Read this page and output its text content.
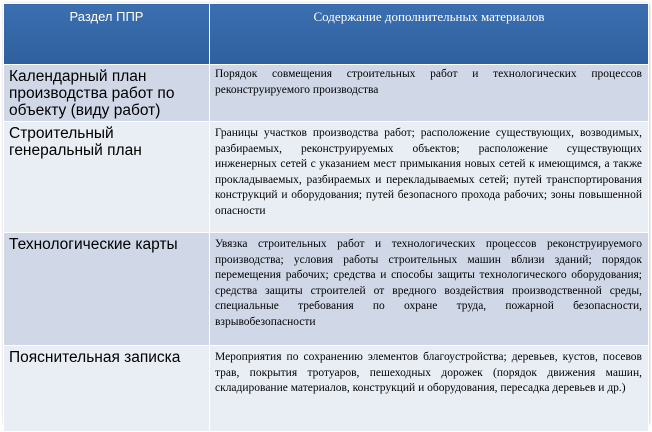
Раздел ППР	Содержание дополнительных материалов

Календарный план производства работ по объекту (виду работ)	Порядок совмещения строительных работ и технологических процессов реконструируемого производства

Строительный генеральный план	Границы участков производства работ; расположение существующих, возводимых, разбираемых, реконструируемых объектов; расположение существующих инженерных сетей с указанием мест примыкания новых сетей к имеющимся, а также прокладываемых, разбираемых и перекладываемых сетей; путей транспортирования конструкций и оборудования; путей безопасного прохода рабочих; зоны повышенной опасности

Технологические карты	Увязка строительных работ и технологических процессов реконструируемого производства; условия работы строительных машин вблизи зданий; порядок перемещения рабочих; средства и способы защиты технологического оборудования; средства защиты строителей от вредного воздействия производственной среды, специальные требования по охране труда, пожарной безопасности, взрывобезопасности

Пояснительная записка	Мероприятия по сохранению элементов благоустройства; деревьев, кустов, посевов трав, покрытия тротуаров, пешеходных дорожек (порядок движения машин, складирование материалов, конструкций и оборудования, пересадка деревьев и др.)
